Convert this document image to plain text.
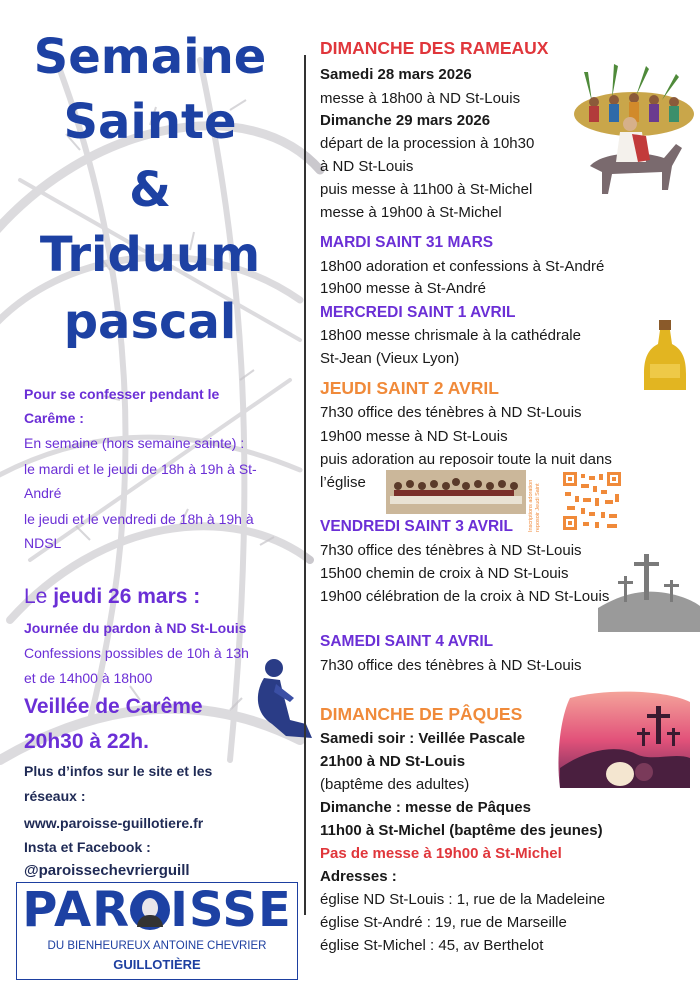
Semaine
Sainte
&
Triduum
pascal
Pour se confesser pendant le
Carême :
En semaine (hors semaine sainte) :
le mardi et le jeudi de 18h à 19h à St-
André
le jeudi et le vendredi de 18h à 19h à
NDSL
Le jeudi 26 mars :
Journée du pardon à ND St-Louis
Confessions possibles de 10h à 13h
et de 14h00 à 18h00
Veillée de Carême
20h30 à 22h.
Plus d’infos sur le site et les
réseaux :
www.paroisse-guillotiere.fr
Insta et Facebook :
@paroissechevrierguill
PAR ISSE
DU BIENHEUREUX ANTOINE CHEVRIER
GUILLOTIÈRE
DIMANCHE DES RAMEAUX
Samedi 28 mars 2026
messe à 18h00 à ND St-Louis
Dimanche 29 mars 2026
départ de la procession à 10h30
à ND St-Louis
puis messe à 11h00 à St-Michel
messe à 19h00 à St-Michel
MARDI SAINT 31 MARS
18h00 adoration et confessions à St-André
19h00 messe à St-André
MERCREDI SAINT 1 AVRIL
18h00 messe chrismale à la cathédrale
St-Jean (Vieux Lyon)
JEUDI SAINT 2 AVRIL
7h30 office des ténèbres à ND St-Louis
19h00 messe à ND St-Louis
puis adoration au reposoir toute la nuit dans
l’église
VENDREDI SAINT 3 AVRIL
7h30 office des ténèbres à ND St-Louis
15h00 chemin de croix à ND St-Louis
19h00 célébration de la croix à ND St-Louis
SAMEDI SAINT 4 AVRIL
7h30 office des ténèbres à ND St-Louis
DIMANCHE DE PÂQUES
Samedi soir : Veillée Pascale
21h00 à ND St-Louis
(baptême des adultes)
Dimanche : messe de Pâques
11h00 à St-Michel (baptême des jeunes)
Pas de messe à 19h00 à St-Michel
Adresses :
église ND St-Louis : 1, rue de la Madeleine
église St-André : 19, rue de Marseille
église St-Michel : 45, av Berthelot
Inscriptions adoration reposoir Jeudi Saint
